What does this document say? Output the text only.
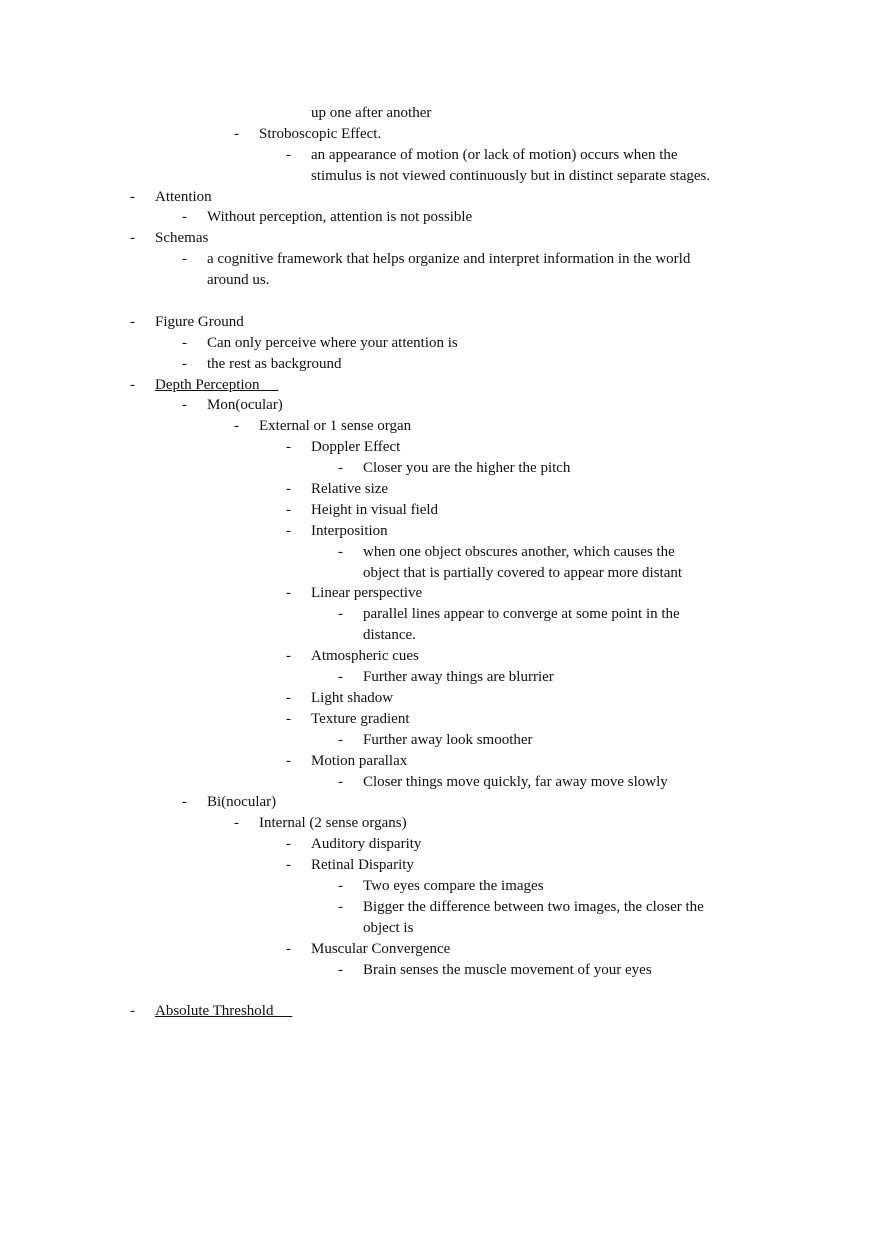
up one after another
- Stroboscopic Effect.
- an appearance of motion (or lack of motion) occurs when the
stimulus is not viewed continuously but in distinct separate stages.
- Attention
- Without perception, attention is not possible
- Schemas
- a cognitive framework that helps organize and interpret information in the world
around us.
- Figure Ground
- Can only perceive where your attention is
- the rest as background
- Depth Perception
- Mon(ocular)
- External or 1 sense organ
- Doppler Effect
- Closer you are the higher the pitch
- Relative size
- Height in visual field
- Interposition
- when one object obscures another, which causes the
object that is partially covered to appear more distant
- Linear perspective
- parallel lines appear to converge at some point in the
distance.
- Atmospheric cues
- Further away things are blurrier
- Light shadow
- Texture gradient
- Further away look smoother
- Motion parallax
- Closer things move quickly, far away move slowly
- Bi(nocular)
- Internal (2 sense organs)
- Auditory disparity
- Retinal Disparity
- Two eyes compare the images
- Bigger the difference between two images, the closer the
object is
- Muscular Convergence
- Brain senses the muscle movement of your eyes
- Absolute Threshold
